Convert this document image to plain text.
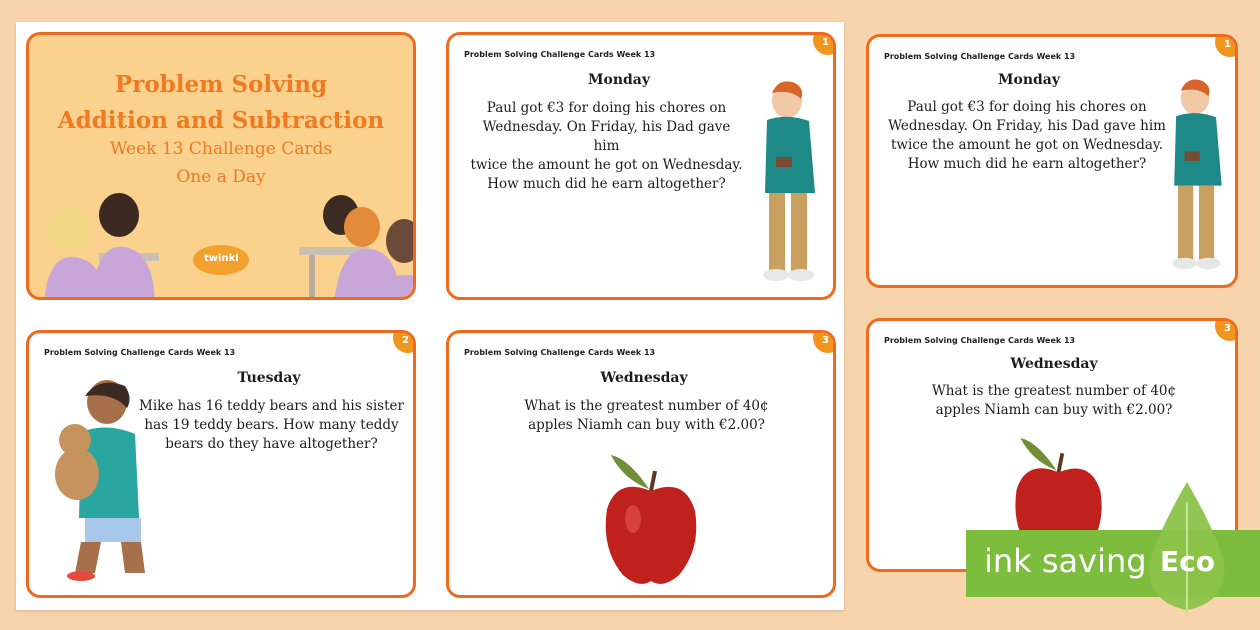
Problem Solving
Addition and Subtraction
Week 13 Challenge Cards
One a Day
twinkl
Problem Solving Challenge Cards Week 13
1
Monday
Paul got €3 for doing his chores on
Wednesday. On Friday, his Dad gave him
twice the amount he got on Wednesday.
How much did he earn altogether?
Problem Solving Challenge Cards Week 13
2
Tuesday
Mike has 16 teddy bears and his sister
has 19 teddy bears. How many teddy
bears do they have altogether?
Problem Solving Challenge Cards Week 13
3
Wednesday
What is the greatest number of 40¢
apples Niamh can buy with €2.00?
Problem Solving Challenge Cards Week 13
1
Monday
Paul got €3 for doing his chores on
Wednesday. On Friday, his Dad gave him
twice the amount he got on Wednesday.
How much did he earn altogether?
Problem Solving Challenge Cards Week 13
3
Wednesday
What is the greatest number of 40¢
apples Niamh can buy with €2.00?
ink saving Eco
